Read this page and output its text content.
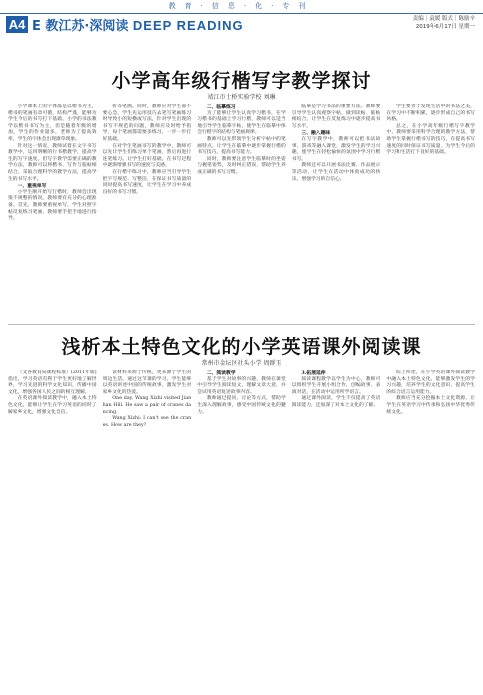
教育·信息·化·专刊
A4 E 教江苏·深阅读 DEEP READING	责编｜袁媛 版式｜陈励辛
2019年6月17日 星期一
小学高年级行楷写字教学探讨
靖江市土桥实验学校 刘琳

小学课本上的字体都是以楷书为主，楷书的笔画有章可循，结构严谨，能够为学生今后的书写打下基础。小学的书法教学以楷书书写为主，但是随着年级的增加，学生的作业量多，老师为了提高效率，学生的字体会出现潦草现象。

针对这一情况，教师试着在文字书写教学中，运用明晰的行书楷教学，提高学生的写字速度。但写字教学需要正确的教学方法，教师可以将楷书、写作与临帖相结合，采取合理科学的教学方法，提高学生的书写水平。

一、重视单写

小学生刚开始写行楷时，教师会出现很不规整的情况。教师要有充分的心理准备。首先，教师要重视单写，学生对照字帖反复练习笔画，教师要手把手地进行指导。

折等笔画。同时，教师应对学生部不要心急，学生先运用技巧去笔写笔画练习时导致小的短横或写法，针对学生出现的书写不规范的问题，教师应及时给予指导，每个笔画都需要多练习，一步一步打好基础。

在对学生笔画书写的教学中，教师可以先让学生们练习单个笔画，然后再进行连笔练习。让学生打好基础，在书写过程中逐渐增强书写的速度与美感。

在行楷字练习中，教师应当引导学生把字写规范、写整洁，在保证书写质量的同时提高书写速度，让学生在学习中养成良好的书写习惯。

二、临摹练习

为了能够让学生认真学习楷书，在学习楷书的基础上学习行楷，教师可以适当地引导学生临摹字帖，使学生在临摹中体会行楷字的结构与笔画规律。

教师可以先带领学生分析字帖中的笔画特点，让学生在临摹中逐步掌握行楷的书写技巧，提高书写能力。

同时，教师要注意学生临摹时的坐姿与握笔姿势，及时纠正错误，帮助学生养成正确的书写习惯。

临摹是学习书法的重要方法。教师要引导学生认真观察字帖，做到读帖、临帖相结合，让学生在反复练习中逐步提高书写水平。

三、融入趣味

在写字教学中，教师可以把书法故事、游戏等融入课堂，激发学生的学习兴趣，使学生在轻松愉快的氛围中学习行楷书写。

教师还可以开展书法比赛、作品展示等活动，让学生在活动中体验成功的快乐，增强学习的自信心。

学生要善于发现生活中的书法之美，在学习中不断积累，逐步形成自己的书写风格。

总之，在小学高年级行楷写字教学中，教师要采用科学合理的教学方法，帮助学生掌握行楷书写的技巧，在提高书写速度的同时保证书写质量，为学生今后的学习和生活打下良好的基础。

浅析本土特色文化的小学英语课外阅读课
常州市金坛区社头小学 周群玉

（文各教育局课程标准）(2011年版)指出，学习英语有利于学生更好地了解世界，学习先进的科学文化知识，传播中国文化，增强各国人民之间的相互理解。

在英语课外阅读教学中，融入本土特色文化，能够让学生在学习英语的同时了解家乡文化，增强文化自信。

读材料来源于传统，更来源于学生的周边生活。通过这节课的学习，学生能够以英语讲述中国的传统故事，激发学生对家乡文化的热爱。

One day, Wang Xizhi visited Jianhan Hill. He saw a pair of cranes dancing.

Wang Xizhi: I can't see the cranes. How are they?

二、阅读教学

基于学生对故事的兴趣，教师在课堂中引导学生阅读短文，理解文章大意，并尝试用英语复述故事内容。

教师通过提问、讨论等方式，帮助学生深入理解故事，感受中国传统文化的魅力。

3.拓展延伸

阅读课程教学以学生为中心，教师可以组织学生开展小组合作，创编故事、表演对话，在活动中运用所学语言。

通过课外阅读，学生不仅提高了英语阅读能力，还加深了对本土文化的了解。

综上所述，在小学英语课外阅读教学中融入本土特色文化，能够激发学生的学习兴趣，培养学生的文化意识，提高学生的综合语言运用能力。

教师应当充分挖掘本土文化资源，让学生在英语学习中传承和弘扬中华优秀传统文化。
